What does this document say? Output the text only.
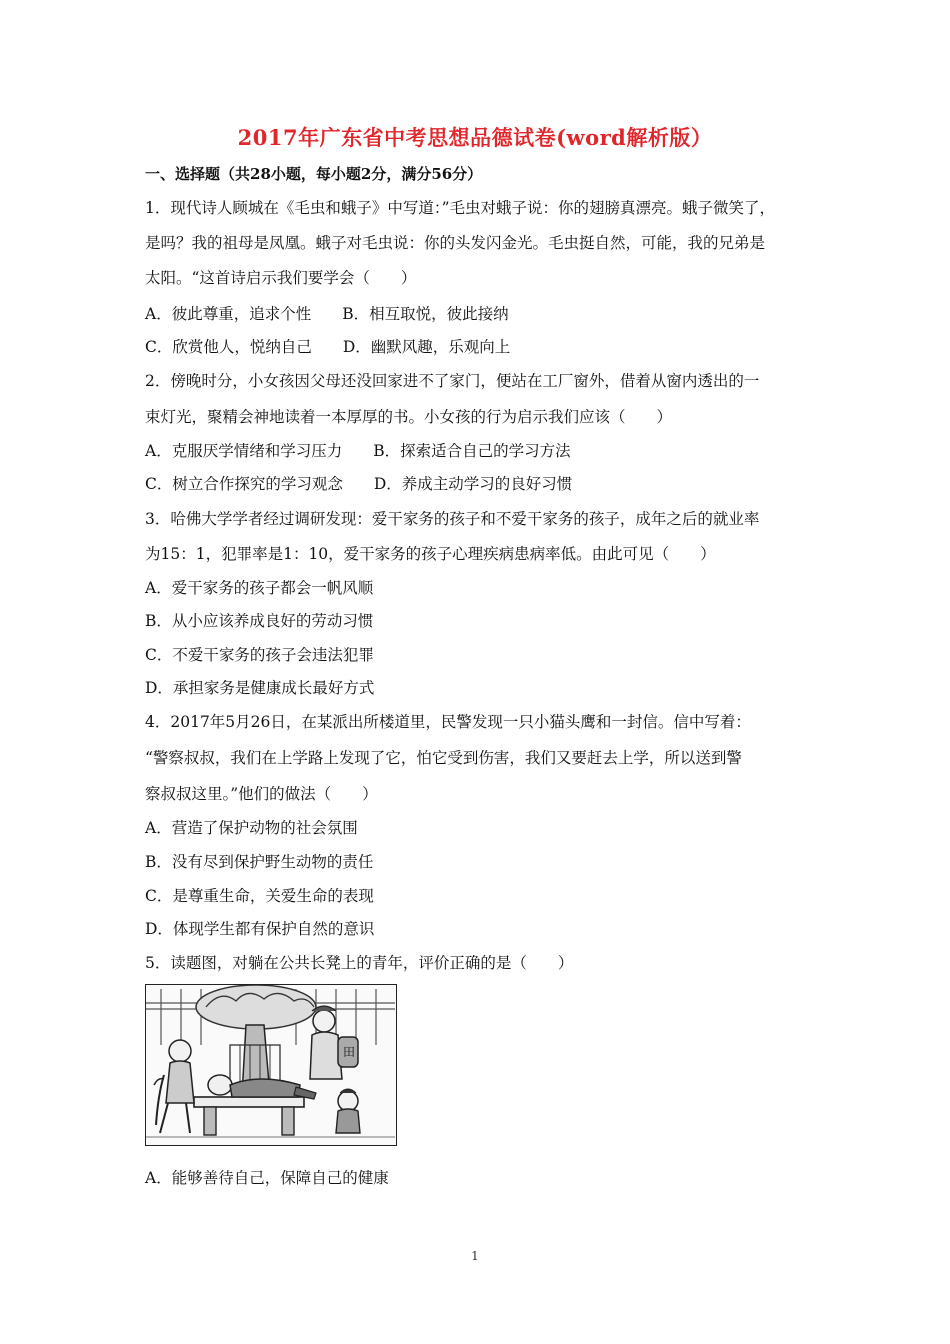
2017年广东省中考思想品德试卷(word解析版）
一、选择题（共28小题，每小题2分，满分56分）
1．现代诗人顾城在《毛虫和蛾子》中写道：”毛虫对蛾子说：你的翅膀真漂亮。蛾子微笑了，
是吗？我的祖母是凤凰。蛾子对毛虫说：你的头发闪金光。毛虫挺自然，可能，我的兄弟是
太阳。“这首诗启示我们要学会（　　）
A．彼此尊重，追求个性　　B．相互取悦，彼此接纳
C．欣赏他人，悦纳自己　　D．幽默风趣，乐观向上
2．傍晚时分，小女孩因父母还没回家进不了家门，便站在工厂窗外，借着从窗内透出的一
束灯光，聚精会神地读着一本厚厚的书。小女孩的行为启示我们应该（　　）
A．克服厌学情绪和学习压力　　B．探索适合自己的学习方法
C．树立合作探究的学习观念　　D．养成主动学习的良好习惯
3．哈佛大学学者经过调研发现：爱干家务的孩子和不爱干家务的孩子，成年之后的就业率
为15：1，犯罪率是1：10，爱干家务的孩子心理疾病患病率低。由此可见（　　）
A．爱干家务的孩子都会一帆风顺
B．从小应该养成良好的劳动习惯
C．不爱干家务的孩子会违法犯罪
D．承担家务是健康成长最好方式
4．2017年5月26日，在某派出所楼道里，民警发现一只小猫头鹰和一封信。信中写着：
“警察叔叔，我们在上学路上发现了它，怕它受到伤害，我们又要赶去上学，所以送到警
察叔叔这里。”他们的做法（　　）
A．营造了保护动物的社会氛围
B．没有尽到保护野生动物的责任
C．是尊重生命，关爱生命的表现
D．体现学生都有保护自然的意识
5．读题图，对躺在公共长凳上的青年，评价正确的是（　　）
田
A．能够善待自己，保障自己的健康
1
